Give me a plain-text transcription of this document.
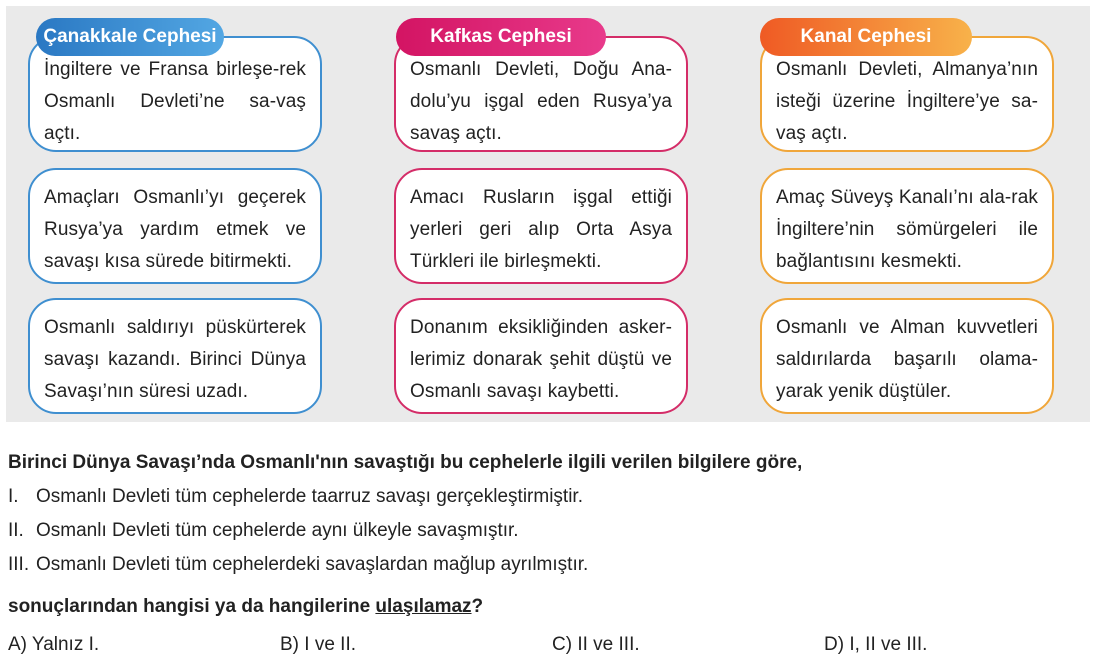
İngiltere ve Fransa birleşe-rek Osmanlı Devleti’ne sa-vaş açtı.
Çanakkale Cephesi
Amaçları Osmanlı’yı geçerek Rusya’ya yardım etmek ve savaşı kısa sürede bitirmekti.
Osmanlı saldırıyı püskürterek savaşı kazandı. Birinci Dünya Savaşı’nın süresi uzadı.
Osmanlı Devleti, Doğu Ana-dolu’yu işgal eden Rusya’ya savaş açtı.
Kafkas Cephesi
Amacı Rusların işgal ettiği yerleri geri alıp Orta Asya Türkleri ile birleşmekti.
Donanım eksikliğinden asker-lerimiz donarak şehit düştü ve Osmanlı savaşı kaybetti.
Osmanlı Devleti, Almanya’nın isteği üzerine İngiltere’ye sa-vaş açtı.
Kanal Cephesi
Amaç Süveyş Kanalı’nı ala-rak İngiltere’nin sömürgeleri ile bağlantısını kesmekti.
Osmanlı ve Alman kuvvetleri saldırılarda başarılı olama-yarak yenik düştüler.
Birinci Dünya Savaşı’nda Osmanlı'nın savaştığı bu cephelerle ilgili verilen bilgilere göre,
I. Osmanlı Devleti tüm cephelerde taarruz savaşı gerçekleştirmiştir.
II. Osmanlı Devleti tüm cephelerde aynı ülkeyle savaşmıştır.
III. Osmanlı Devleti tüm cephelerdeki savaşlardan mağlup ayrılmıştır.
sonuçlarından hangisi ya da hangilerine ulaşılamaz?
A) Yalnız I.	B) I ve II.	C) II ve III.	D) I, II ve III.
